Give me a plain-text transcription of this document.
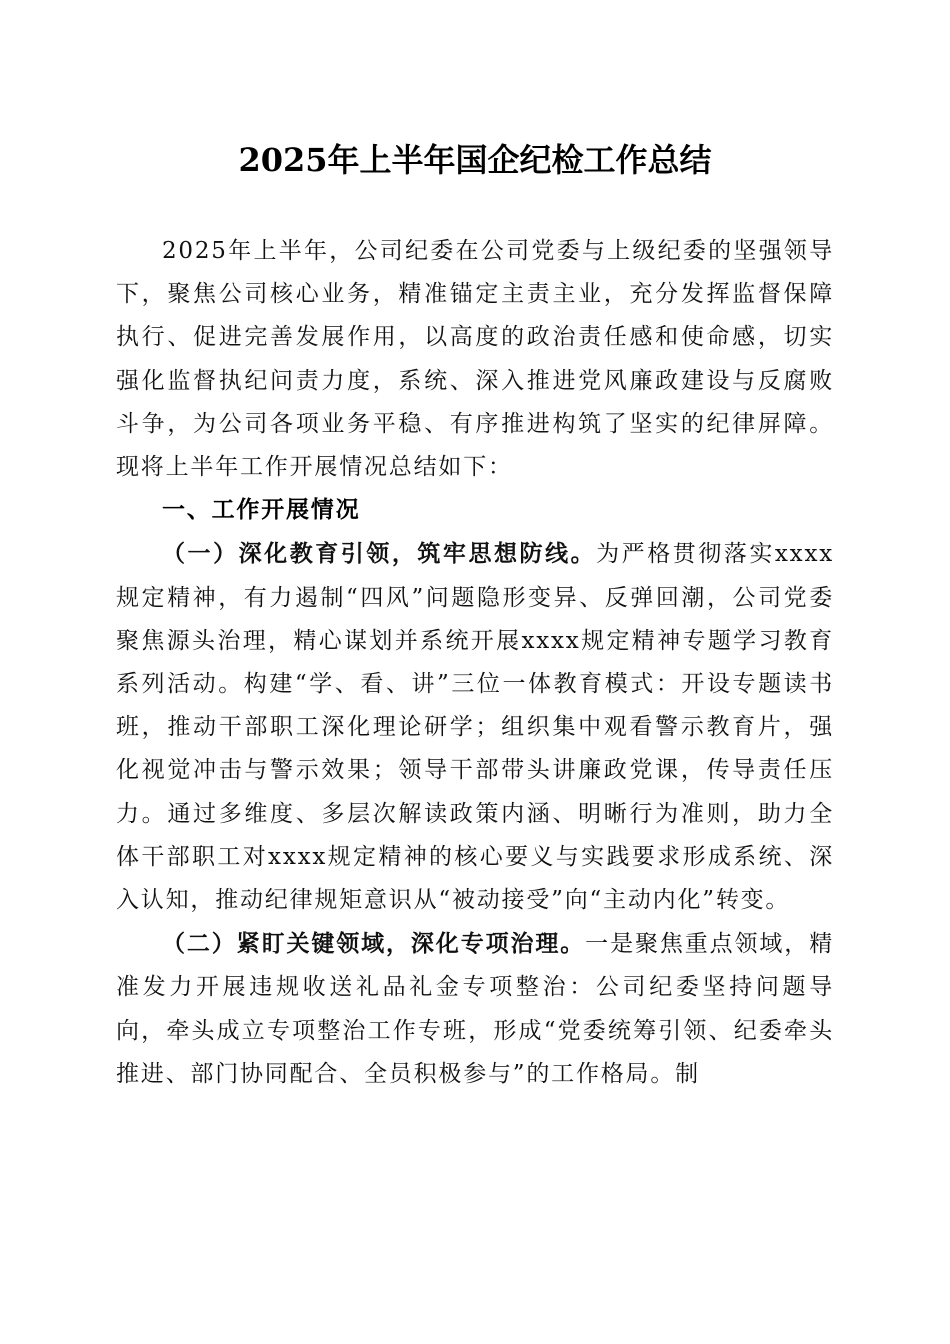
2025年上半年国企纪检工作总结

2025年上半年，公司纪委在公司党委与上级纪委的坚强领导下，聚焦公司核心业务，精准锚定主责主业，充分发挥监督保障执行、促进完善发展作用，以高度的政治责任感和使命感，切实强化监督执纪问责力度，系统、深入推进党风廉政建设与反腐败斗争，为公司各项业务平稳、有序推进构筑了坚实的纪律屏障。现将上半年工作开展情况总结如下：

一、工作开展情况

（一）深化教育引领，筑牢思想防线。为严格贯彻落实xxxx规定精神，有力遏制“四风”问题隐形变异、反弹回潮，公司党委聚焦源头治理，精心谋划并系统开展xxxx规定精神专题学习教育系列活动。构建“学、看、讲”三位一体教育模式：开设专题读书班，推动干部职工深化理论研学；组织集中观看警示教育片，强化视觉冲击与警示效果；领导干部带头讲廉政党课，传导责任压力。通过多维度、多层次解读政策内涵、明晰行为准则，助力全体干部职工对xxxx规定精神的核心要义与实践要求形成系统、深入认知，推动纪律规矩意识从“被动接受”向“主动内化”转变。

（二）紧盯关键领域，深化专项治理。一是聚焦重点领域，精准发力开展违规收送礼品礼金专项整治：公司纪委坚持问题导向，牵头成立专项整治工作专班，形成“党委统筹引领、纪委牵头推进、部门协同配合、全员积极参与”的工作格局。制
